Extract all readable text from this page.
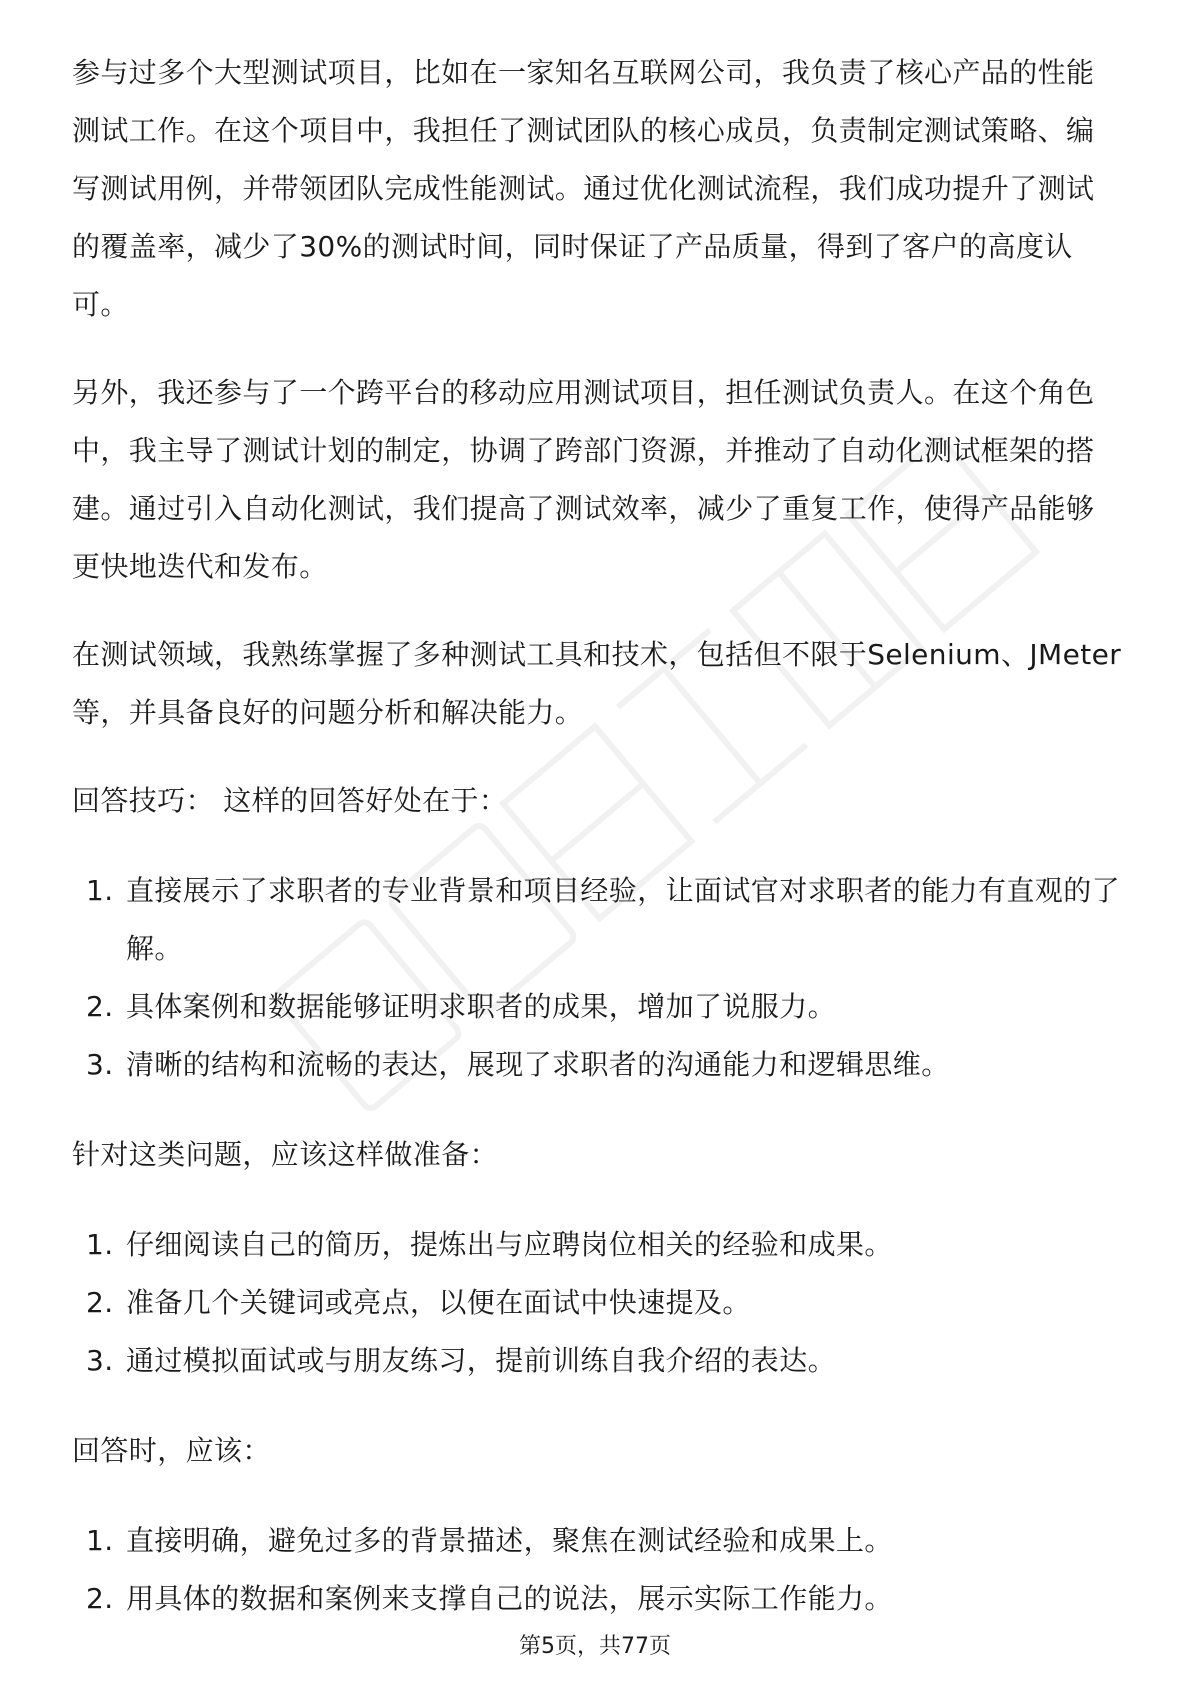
参与过多个大型测试项目，比如在一家知名互联网公司，我负责了核心产品的性能测试工作。在这个项目中，我担任了测试团队的核心成员，负责制定测试策略、编写测试用例，并带领团队完成性能测试。通过优化测试流程，我们成功提升了测试的覆盖率，减少了30%的测试时间，同时保证了产品质量，得到了客户的高度认可。

另外，我还参与了一个跨平台的移动应用测试项目，担任测试负责人。在这个角色中，我主导了测试计划的制定，协调了跨部门资源，并推动了自动化测试框架的搭建。通过引入自动化测试，我们提高了测试效率，减少了重复工作，使得产品能够更快地迭代和发布。

在测试领域，我熟练掌握了多种测试工具和技术，包括但不限于Selenium、JMeter等，并具备良好的问题分析和解决能力。

回答技巧： 这样的回答好处在于：

1. 直接展示了求职者的专业背景和项目经验，让面试官对求职者的能力有直观的了解。
2. 具体案例和数据能够证明求职者的成果，增加了说服力。
3. 清晰的结构和流畅的表达，展现了求职者的沟通能力和逻辑思维。

针对这类问题，应该这样做准备：

1. 仔细阅读自己的简历，提炼出与应聘岗位相关的经验和成果。
2. 准备几个关键词或亮点，以便在面试中快速提及。
3. 通过模拟面试或与朋友练习，提前训练自我介绍的表达。

回答时，应该：

1. 直接明确，避免过多的背景描述，聚焦在测试经验和成果上。
2. 用具体的数据和案例来支撑自己的说法，展示实际工作能力。
第5页，共77页
